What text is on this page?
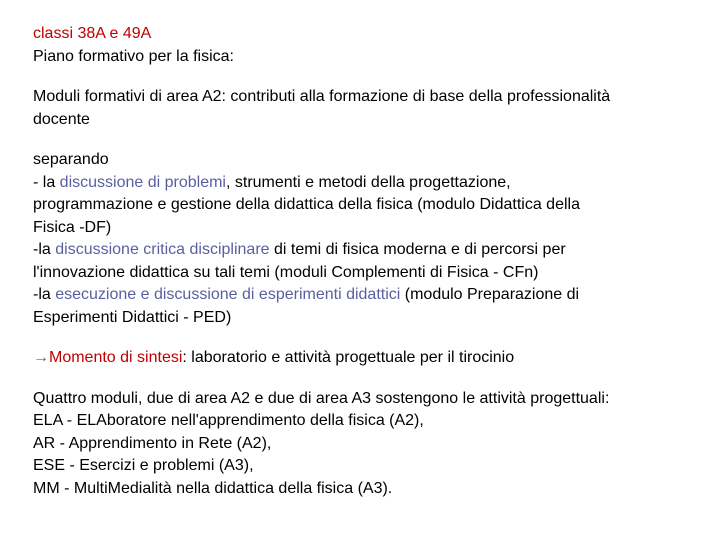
classi 38A e 49A
Piano formativo per la fisica:
Moduli formativi di area A2: contributi alla formazione di base della professionalità
docente
separando
- la discussione di problemi, strumenti e metodi della progettazione,
programmazione e gestione della didattica della fisica (modulo Didattica della
Fisica -DF)
-la discussione critica disciplinare di temi di fisica moderna e di percorsi per
l'innovazione didattica su tali temi (moduli Complementi di Fisica - CFn)
-la esecuzione e discussione di esperimenti didattici (modulo Preparazione di
Esperimenti Didattici - PED)
→Momento di sintesi: laboratorio e attività progettuale per il tirocinio
Quattro moduli, due di area A2 e due di area A3 sostengono le attività progettuali:
ELA - ELAboratore nell'apprendimento della fisica (A2),
AR - Apprendimento in Rete (A2),
ESE - Esercizi e problemi (A3),
MM - MultiMedialità nella didattica della fisica (A3).
